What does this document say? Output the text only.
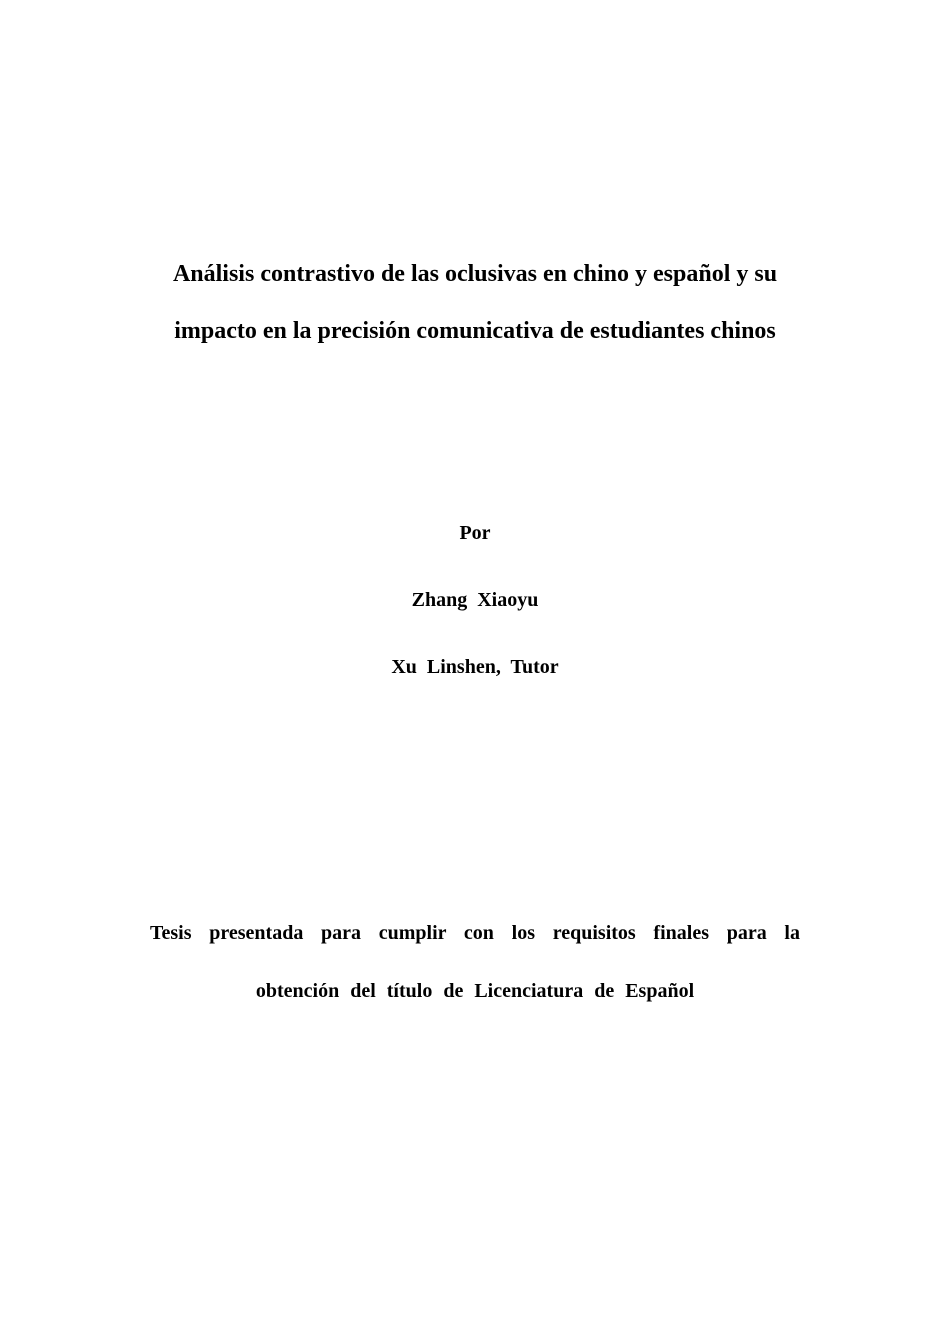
Análisis contrastivo de las oclusivas en chino y español y su
impacto en la precisión comunicativa de estudiantes chinos
Por
Zhang  Xiaoyu
Xu  Linshen,  Tutor
Tesis presentada para cumplir con los requisitos finales para la
obtención del título de Licenciatura de Español
